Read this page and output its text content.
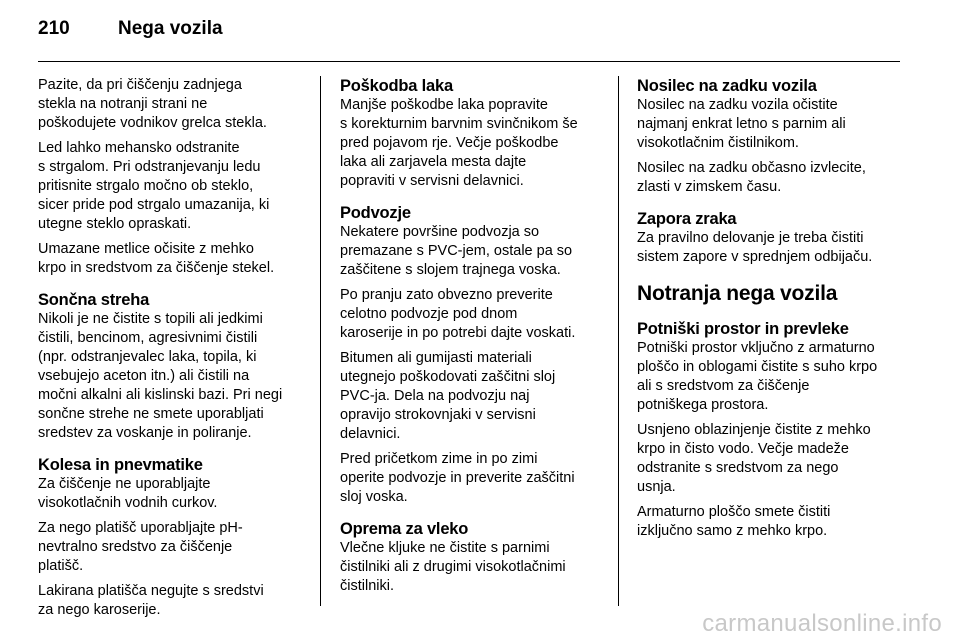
210	Nega vozila

Pazite, da pri čiščenju zadnjega
stekla na notranji strani ne
poškodujete vodnikov grelca stekla.

Led lahko mehansko odstranite
s strgalom. Pri odstranjevanju ledu
pritisnite strgalo močno ob steklo,
sicer pride pod strgalo umazanija, ki
utegne steklo opraskati.

Umazane metlice očisite z mehko
krpo in sredstvom za čiščenje stekel.

Sončna streha

Nikoli je ne čistite s topili ali jedkimi
čistili, bencinom, agresivnimi čistili
(npr. odstranjevalec laka, topila, ki
vsebujejo aceton itn.) ali čistili na
močni alkalni ali kislinski bazi. Pri negi
sončne strehe ne smete uporabljati
sredstev za voskanje in poliranje.

Kolesa in pnevmatike

Za čiščenje ne uporabljajte
visokotlačnih vodnih curkov.

Za nego platišč uporabljajte pH-
nevtralno sredstvo za čiščenje
platišč.

Lakirana platišča negujte s sredstvi
za nego karoserije.

Poškodba laka

Manjše poškodbe laka popravite
s korekturnim barvnim svinčnikom še
pred pojavom rje. Večje poškodbe
laka ali zarjavela mesta dajte
popraviti v servisni delavnici.

Podvozje

Nekatere površine podvozja so
premazane s PVC-jem, ostale pa so
zaščitene s slojem trajnega voska.

Po pranju zato obvezno preverite
celotno podvozje pod dnom
karoserije in po potrebi dajte voskati.

Bitumen ali gumijasti materiali
utegnejo poškodovati zaščitni sloj
PVC-ja. Dela na podvozju naj
opravijo strokovnjaki v servisni
delavnici.

Pred pričetkom zime in po zimi
operite podvozje in preverite zaščitni
sloj voska.

Oprema za vleko

Vlečne kljuke ne čistite s parnimi
čistilniki ali z drugimi visokotlačnimi
čistilniki.

Nosilec na zadku vozila

Nosilec na zadku vozila očistite
najmanj enkrat letno s parnim ali
visokotlačnim čistilnikom.

Nosilec na zadku občasno izvlecite,
zlasti v zimskem času.

Zapora zraka

Za pravilno delovanje je treba čistiti
sistem zapore v sprednjem odbijaču.

Notranja nega vozila
Potniški prostor in prevleke

Potniški prostor vključno z armaturno
ploščo in oblogami čistite s suho krpo
ali s sredstvom za čiščenje
potniškega prostora.

Usnjeno oblazinjenje čistite z mehko
krpo in čisto vodo. Večje madeže
odstranite s sredstvom za nego
usnja.

Armaturno ploščo smete čistiti
izključno samo z mehko krpo.

carmanualsonline.info
